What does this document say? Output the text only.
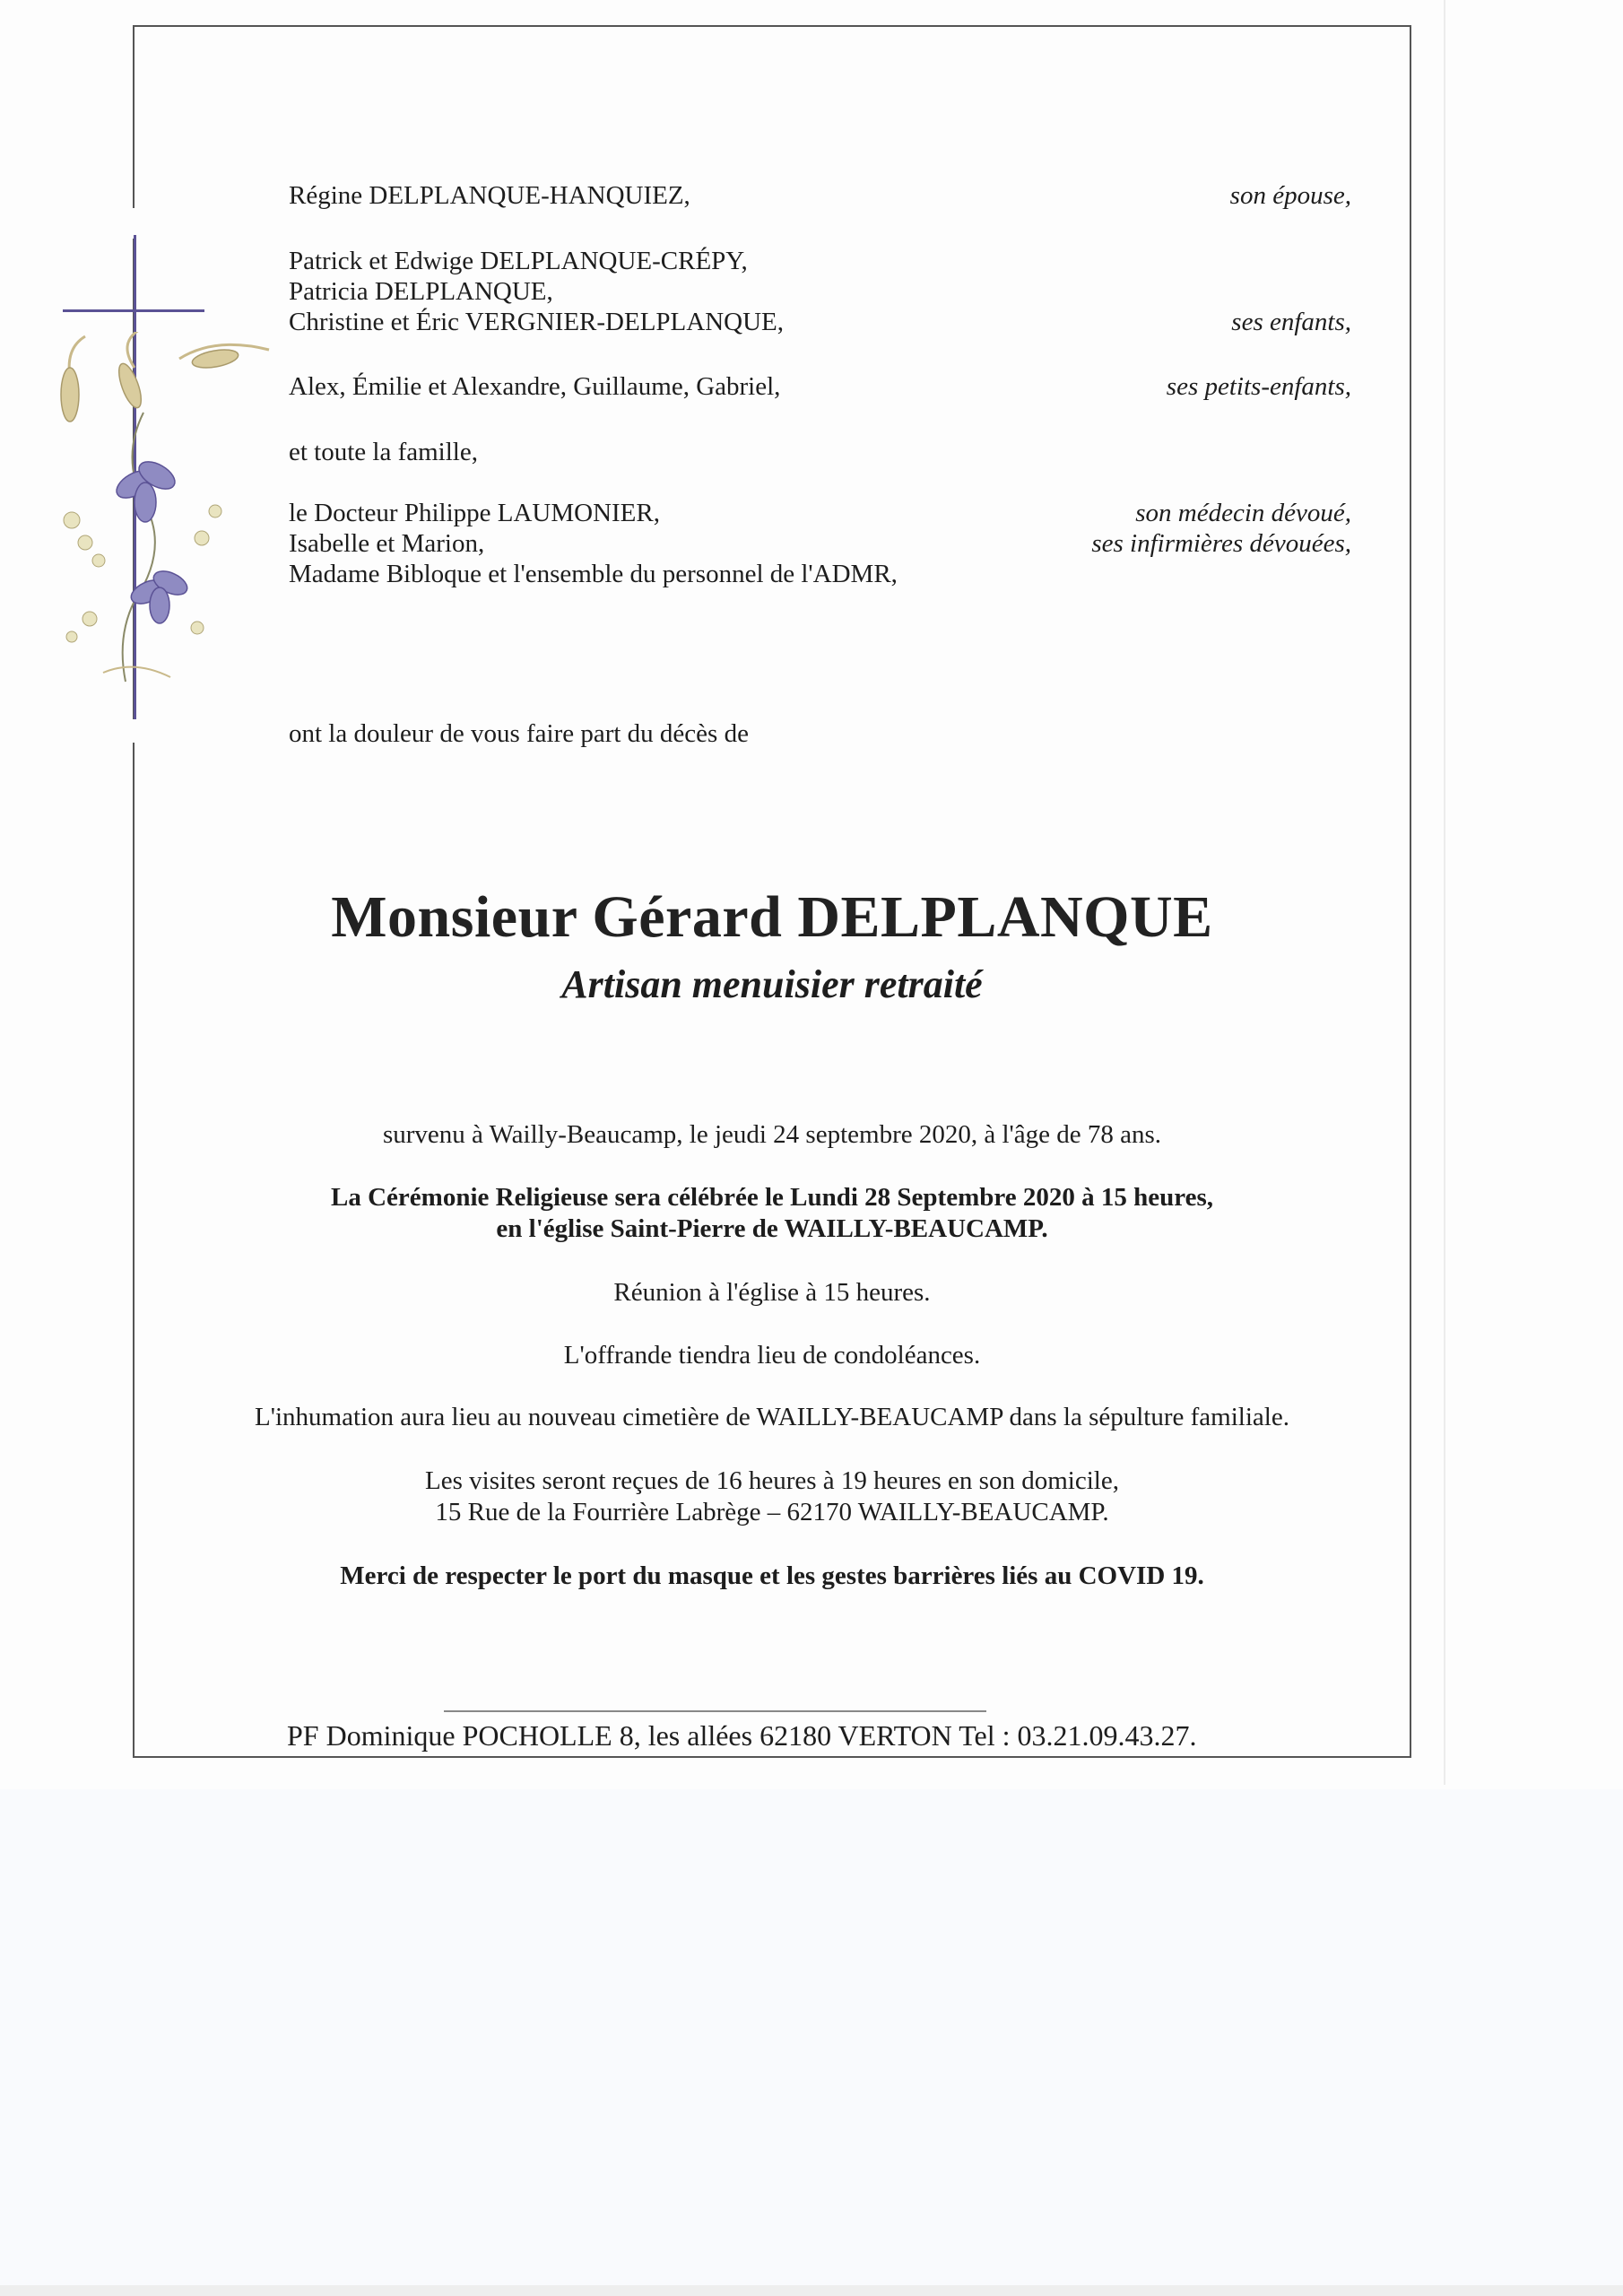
Régine DELPLANQUE-HANQUIEZ,	son épouse,
Patrick et Edwige DELPLANQUE-CRÉPY,
Patricia DELPLANQUE,
Christine et Éric VERGNIER-DELPLANQUE,	ses enfants,
Alex, Émilie et Alexandre, Guillaume, Gabriel,	ses petits-enfants,
et toute la famille,
le Docteur Philippe LAUMONIER,	son médecin dévoué,
Isabelle et Marion,	ses infirmières dévouées,
Madame Bibloque et l'ensemble du personnel de l'ADMR,
ont la douleur de vous faire part du décès de
Monsieur Gérard DELPLANQUE
Artisan menuisier retraité
survenu à Wailly-Beaucamp, le jeudi 24 septembre 2020, à l'âge de 78 ans.
La Cérémonie Religieuse sera célébrée le Lundi 28 Septembre 2020 à 15 heures,
en l'église Saint-Pierre de WAILLY-BEAUCAMP.
Réunion à l'église à 15 heures.
L'offrande tiendra lieu de condoléances.
L'inhumation aura lieu au nouveau cimetière de WAILLY-BEAUCAMP dans la sépulture familiale.
Les visites seront reçues de 16 heures à 19 heures en son domicile,
15 Rue de la Fourrière Labrège – 62170 WAILLY-BEAUCAMP.
Merci de respecter le port du masque et les gestes barrières liés au COVID 19.
PF Dominique POCHOLLE 8, les allées 62180 VERTON Tel : 03.21.09.43.27.
